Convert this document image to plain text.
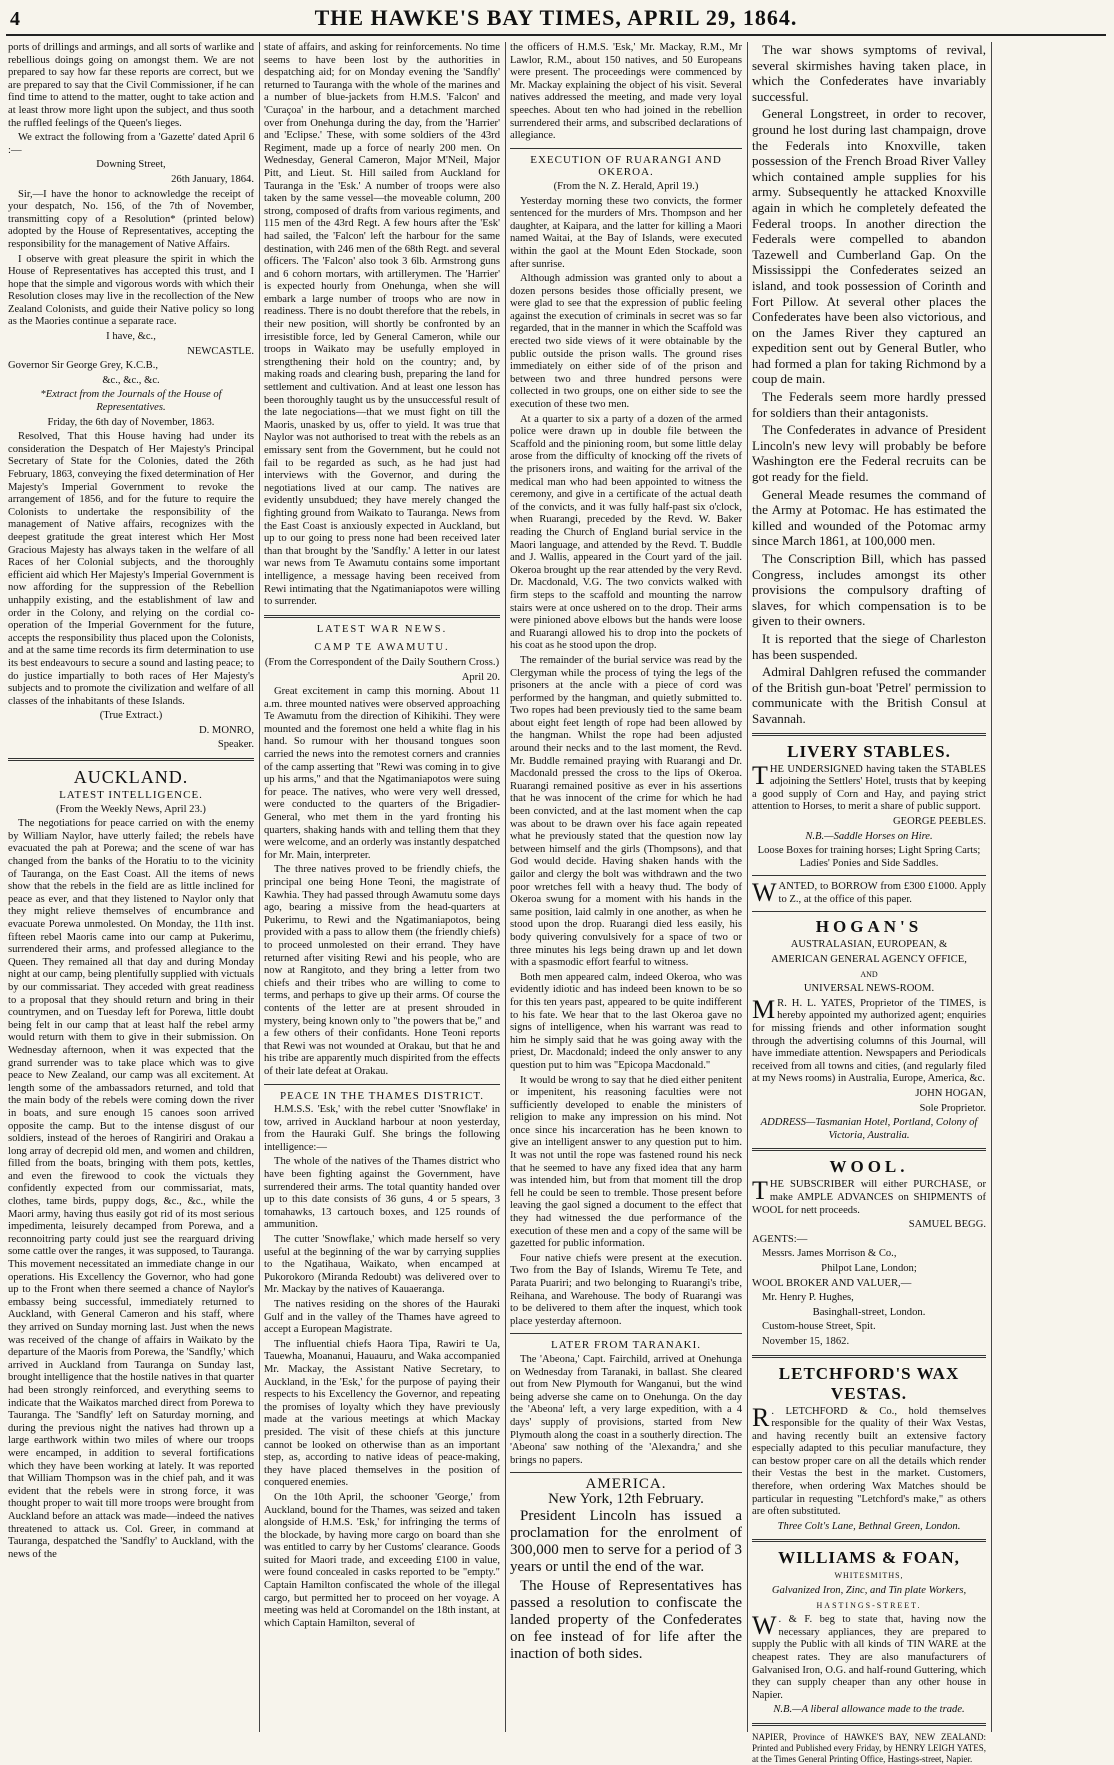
4	THE HAWKE'S BAY TIMES, APRIL 29, 1864.

ports of drillings and armings, and all sorts of warlike and rebellious doings going on amongst them. We are not prepared to say how far these reports are correct, but we are prepared to say that the Civil Commissioner, if he can find time to attend to the matter, ought to take action and at least throw more light upon the subject, and thus sooth the ruffled feelings of the Queen's lieges.

We extract the following from a 'Gazette' dated April 6 :—

Downing Street,

26th January, 1864.

Sir,—I have the honor to acknowledge the receipt of your despatch, No. 156, of the 7th of November, transmitting copy of a Resolution* (printed below) adopted by the House of Representatives, accepting the responsibility for the management of Native Affairs.

I observe with great pleasure the spirit in which the House of Representatives has accepted this trust, and I hope that the simple and vigorous words with which their Resolution closes may live in the recollection of the New Zealand Colonists, and guide their Native policy so long as the Maories continue a separate race.

I have, &c.,

NEWCASTLE.

Governor Sir George Grey, K.C.B.,

&c., &c., &c.

*Extract from the Journals of the House of Representatives.

Friday, the 6th day of November, 1863.

Resolved, That this House having had under its consideration the Despatch of Her Majesty's Principal Secretary of State for the Colonies, dated the 26th February, 1863, conveying the fixed determination of Her Majesty's Imperial Government to revoke the arrangement of 1856, and for the future to require the Colonists to undertake the responsibility of the management of Native affairs, recognizes with the deepest gratitude the great interest which Her Most Gracious Majesty has always taken in the welfare of all Races of her Colonial subjects, and the thoroughly efficient aid which Her Majesty's Imperial Government is now affording for the suppression of the Rebellion unhappily existing, and the establishment of law and order in the Colony, and relying on the cordial co-operation of the Imperial Government for the future, accepts the responsibility thus placed upon the Colonists, and at the same time records its firm determination to use its best endeavours to secure a sound and lasting peace; to do justice impartially to both races of Her Majesty's subjects and to promote the civilization and welfare of all classes of the inhabitants of these Islands.

(True Extract.)

D. MONRO,

Speaker.

AUCKLAND.
LATEST INTELLIGENCE.

(From the Weekly News, April 23.)

The negotiations for peace carried on with the enemy by William Naylor, have utterly failed; the rebels have evacuated the pah at Porewa; and the scene of war has changed from the banks of the Horatiu to to the vicinity of Tauranga, on the East Coast. All the items of news show that the rebels in the field are as little inclined for peace as ever, and that they listened to Naylor only that they might relieve themselves of encumbrance and evacuate Porewa unmolested. On Monday, the 11th inst. fifteen rebel Maoris came into our camp at Pukerimu, surrendered their arms, and professed allegiance to the Queen. They remained all that day and during Monday night at our camp, being plentifully supplied with victuals by our commissariat. They acceded with great readiness to a proposal that they should return and bring in their countrymen, and on Tuesday left for Porewa, little doubt being felt in our camp that at least half the rebel army would return with them to give in their submission. On Wednesday afternoon, when it was expected that the grand surrender was to take place which was to give peace to New Zealand, our camp was all excitement. At length some of the ambassadors returned, and told that the main body of the rebels were coming down the river in boats, and sure enough 15 canoes soon arrived opposite the camp. But to the intense disgust of our soldiers, instead of the heroes of Rangiriri and Orakau a long array of decrepid old men, and women and children, filled from the boats, bringing with them pots, kettles, and even the firewood to cook the victuals they confidently expected from our commissariat, mats, clothes, tame birds, puppy dogs, &c., &c., while the Maori army, having thus easily got rid of its most serious impedimenta, leisurely decamped from Porewa, and a reconnoitring party could just see the rearguard driving some cattle over the ranges, it was supposed, to Tauranga. This movement necessitated an immediate change in our operations. His Excellency the Governor, who had gone up to the Front when there seemed a chance of Naylor's embassy being successful, immediately returned to Auckland, with General Cameron and his staff, where they arrived on Sunday morning last. Just when the news was received of the change of affairs in Waikato by the departure of the Maoris from Porewa, the 'Sandfly,' which arrived in Auckland from Tauranga on Sunday last, brought intelligence that the hostile natives in that quarter had been strongly reinforced, and everything seems to indicate that the Waikatos marched direct from Porewa to Tauranga. The 'Sandfly' left on Saturday morning, and during the previous night the natives had thrown up a large earthwork within two miles of where our troops were encamped, in addition to several fortifications which they have been working at lately. It was reported that William Thompson was in the chief pah, and it was evident that the rebels were in strong force, it was thought proper to wait till more troops were brought from Auckland before an attack was made—indeed the natives threatened to attack us. Col. Greer, in command at Tauranga, despatched the 'Sandfly' to Auckland, with the news of the

state of affairs, and asking for reinforcements. No time seems to have been lost by the authorities in despatching aid; for on Monday evening the 'Sandfly' returned to Tauranga with the whole of the marines and a number of blue-jackets from H.M.S. 'Falcon' and 'Curaçoa' in the harbour, and a detachment marched over from Onehunga during the day, from the 'Harrier' and 'Eclipse.' These, with some soldiers of the 43rd Regiment, made up a force of nearly 200 men. On Wednesday, General Cameron, Major M'Neil, Major Pitt, and Lieut. St. Hill sailed from Auckland for Tauranga in the 'Esk.' A number of troops were also taken by the same vessel—the moveable column, 200 strong, composed of drafts from various regiments, and 115 men of the 43rd Regt. A few hours after the 'Esk' had sailed, the 'Falcon' left the harbour for the same destination, with 246 men of the 68th Regt. and several officers. The 'Falcon' also took 3 6lb. Armstrong guns and 6 cohorn mortars, with artillerymen. The 'Harrier' is expected hourly from Onehunga, when she will embark a large number of troops who are now in readiness. There is no doubt therefore that the rebels, in their new position, will shortly be confronted by an irresistible force, led by General Cameron, while our troops in Waikato may be usefully employed in strengthening their hold on the country; and, by making roads and clearing bush, preparing the land for settlement and cultivation. And at least one lesson has been thoroughly taught us by the unsuccessful result of the late negociations—that we must fight on till the Maoris, unasked by us, offer to yield. It was true that Naylor was not authorised to treat with the rebels as an emissary sent from the Government, but he could not fail to be regarded as such, as he had just had interviews with the Governor, and during the negotiations lived at our camp. The natives are evidently unsubdued; they have merely changed the fighting ground from Waikato to Tauranga. News from the East Coast is anxiously expected in Auckland, but up to our going to press none had been received later than that brought by the 'Sandfly.' A letter in our latest war news from Te Awamutu contains some important intelligence, a message having been received from Rewi intimating that the Ngatimaniapotos were willing to surrender.

LATEST WAR NEWS.
CAMP TE AWAMUTU.

(From the Correspondent of the Daily Southern Cross.)

April 20.

Great excitement in camp this morning. About 11 a.m. three mounted natives were observed approaching Te Awamutu from the direction of Kihikihi. They were mounted and the foremost one held a white flag in his hand. So rumour with her thousand tongues soon carried the news into the remotest corners and crannies of the camp asserting that "Rewi was coming in to give up his arms," and that the Ngatimaniapotos were suing for peace. The natives, who were very well dressed, were conducted to the quarters of the Brigadier-General, who met them in the yard fronting his quarters, shaking hands with and telling them that they were welcome, and an orderly was instantly despatched for Mr. Main, interpreter.

The three natives proved to be friendly chiefs, the principal one being Hone Teoni, the magistrate of Kawhia. They had passed through Awamutu some days ago, bearing a missive from the head-quarters at Pukerimu, to Rewi and the Ngatimaniapotos, being provided with a pass to allow them (the friendly chiefs) to proceed unmolested on their errand. They have returned after visiting Rewi and his people, who are now at Rangitoto, and they bring a letter from two chiefs and their tribes who are willing to come to terms, and perhaps to give up their arms. Of course the contents of the letter are at present shrouded in mystery, being known only to "the powers that be," and a few others of their confidants. Hone Teoni reports that Rewi was not wounded at Orakau, but that he and his tribe are apparently much dispirited from the effects of their late defeat at Orakau.

PEACE IN THE THAMES DISTRICT.

H.M.S.S. 'Esk,' with the rebel cutter 'Snowflake' in tow, arrived in Auckland harbour at noon yesterday, from the Hauraki Gulf. She brings the following intelligence:—

The whole of the natives of the Thames district who have been fighting against the Government, have surrendered their arms. The total quantity handed over up to this date consists of 36 guns, 4 or 5 spears, 3 tomahawks, 13 cartouch boxes, and 125 rounds of ammunition.

The cutter 'Snowflake,' which made herself so very useful at the beginning of the war by carrying supplies to the Ngatihaua, Waikato, when encamped at Pukorokoro (Miranda Redoubt) was delivered over to Mr. Mackay by the natives of Kauaeranga.

The natives residing on the shores of the Hauraki Gulf and in the valley of the Thames have agreed to accept a European Magistrate.

The influential chiefs Haora Tipa, Rawiri te Ua, Tauewha, Moananui, Hauauru, and Waka accompanied Mr. Mackay, the Assistant Native Secretary, to Auckland, in the 'Esk,' for the purpose of paying their respects to his Excellency the Governor, and repeating the promises of loyalty which they have previously made at the various meetings at which Mackay presided. The visit of these chiefs at this juncture cannot be looked on otherwise than as an important step, as, according to native ideas of peace-making, they have placed themselves in the position of conquered enemies.

On the 10th April, the schooner 'George,' from Auckland, bound for the Thames, was seized and taken alongside of H.M.S. 'Esk,' for infringing the terms of the blockade, by having more cargo on board than she was entitled to carry by her Customs' clearance. Goods suited for Maori trade, and exceeding £100 in value, were found concealed in casks reported to be "empty." Captain Hamilton confiscated the whole of the illegal cargo, but permitted her to proceed on her voyage. A meeting was held at Coromandel on the 18th instant, at which Captain Hamilton, several of

the officers of H.M.S. 'Esk,' Mr. Mackay, R.M., Mr Lawlor, R.M., about 150 natives, and 50 Europeans were present. The proceedings were commenced by Mr. Mackay explaining the object of his visit. Several natives addressed the meeting, and made very loyal speeches. About ten who had joined in the rebellion surrendered their arms, and subscribed declarations of allegiance.

EXECUTION OF RUARANGI AND OKEROA.

(From the N. Z. Herald, April 19.)

Yesterday morning these two convicts, the former sentenced for the murders of Mrs. Thompson and her daughter, at Kaipara, and the latter for killing a Maori named Waitai, at the Bay of Islands, were executed within the gaol at the Mount Eden Stockade, soon after sunrise.

Although admission was granted only to about a dozen persons besides those officially present, we were glad to see that the expression of public feeling against the execution of criminals in secret was so far regarded, that in the manner in which the Scaffold was erected two side views of it were obtainable by the public outside the prison walls. The ground rises immediately on either side of of the prison and between two and three hundred persons were collected in two groups, one on either side to see the execution of these two men.

At a quarter to six a party of a dozen of the armed police were drawn up in double file between the Scaffold and the pinioning room, but some little delay arose from the difficulty of knocking off the rivets of the prisoners irons, and waiting for the arrival of the medical man who had been appointed to witness the ceremony, and give in a certificate of the actual death of the convicts, and it was fully half-past six o'clock, when Ruarangi, preceded by the Revd. W. Baker reading the Church of England burial service in the Maori language, and attended by the Revd. T. Buddle and J. Wallis, appeared in the Court yard of the jail. Okeroa brought up the rear attended by the very Revd. Dr. Macdonald, V.G. The two convicts walked with firm steps to the scaffold and mounting the narrow stairs were at once ushered on to the drop. Their arms were pinioned above elbows but the hands were loose and Ruarangi allowed his to drop into the pockets of his coat as he stood upon the drop.

The remainder of the burial service was read by the Clergyman while the process of tying the legs of the prisoners at the ancle with a piece of cord was performed by the hangman, and quietly submitted to. Two ropes had been previously tied to the same beam about eight feet length of rope had been allowed by the hangman. Whilst the rope had been adjusted around their necks and to the last moment, the Revd. Mr. Buddle remained praying with Ruarangi and Dr. Macdonald pressed the cross to the lips of Okeroa. Ruarangi remained positive as ever in his assertions that he was innocent of the crime for which he had been convicted, and at the last moment when the cap was about to be drawn over his face again repeated what he previously stated that the question now lay between himself and the girls (Thompsons), and that God would decide. Having shaken hands with the gailor and clergy the bolt was withdrawn and the two poor wretches fell with a heavy thud. The body of Okeroa swung for a moment with his hands in the same position, laid calmly in one another, as when he stood upon the drop. Ruarangi died less easily, his body quivering convulsively for a space of two or three minutes his legs being drawn up and let down with a spasmodic effort fearful to witness.

Both men appeared calm, indeed Okeroa, who was evidently idiotic and has indeed been known to be so for this ten years past, appeared to be quite indifferent to his fate. We hear that to the last Okeroa gave no signs of intelligence, when his warrant was read to him he simply said that he was going away with the priest, Dr. Macdonald; indeed the only answer to any question put to him was "Epicopa Macdonald."

It would be wrong to say that he died either penitent or impenitent, his reasoning faculties were not sufficiently developed to enable the ministers of religion to make any impression on his mind. Not once since his incarceration has he been known to give an intelligent answer to any question put to him. It was not until the rope was fastened round his neck that he seemed to have any fixed idea that any harm was intended him, but from that moment till the drop fell he could be seen to tremble. Those present before leaving the gaol signed a document to the effect that they had witnessed the due performance of the execution of these men and a copy of the same will be gazetted for public information.

Four native chiefs were present at the execution. Two from the Bay of Islands, Wiremu Te Tete, and Parata Puariri; and two belonging to Ruarangi's tribe, Reihana, and Warehouse. The body of Ruarangi was to be delivered to them after the inquest, which took place yesterday afternoon.

LATER FROM TARANAKI.

The 'Abeona,' Capt. Fairchild, arrived at Onehunga on Wednesday from Taranaki, in ballast. She cleared out from New Plymouth for Wanganui, but the wind being adverse she came on to Onehunga. On the day the 'Abeona' left, a very large expedition, with a 4 days' supply of provisions, started from New Plymouth along the coast in a southerly direction. The 'Abeona' saw nothing of the 'Alexandra,' and she brings no papers.

AMERICA.

New York, 12th February.

President Lincoln has issued a proclamation for the enrolment of 300,000 men to serve for a period of 3 years or until the end of the war.

The House of Representatives has passed a resolution to confiscate the landed property of the Confederates on fee instead of for life after the inaction of both sides.

The war shows symptoms of revival, several skirmishes having taken place, in which the Confederates have invariably successful.

General Longstreet, in order to recover, ground he lost during last champaign, drove the Federals into Knoxville, taken possession of the French Broad River Valley which contained ample supplies for his army. Subsequently he attacked Knoxville again in which he completely defeated the Federal troops. In another direction the Federals were compelled to abandon Tazewell and Cumberland Gap. On the Mississippi the Confederates seized an island, and took possession of Corinth and Fort Pillow. At several other places the Confederates have been also victorious, and on the James River they captured an expedition sent out by General Butler, who had formed a plan for taking Richmond by a coup de main.

The Federals seem more hardly pressed for soldiers than their antagonists.

The Confederates in advance of President Lincoln's new levy will probably be before Washington ere the Federal recruits can be got ready for the field.

General Meade resumes the command of the Army at Potomac. He has estimated the killed and wounded of the Potomac army since March 1861, at 100,000 men.

The Conscription Bill, which has passed Congress, includes amongst its other provisions the compulsory drafting of slaves, for which compensation is to be given to their owners.

It is reported that the siege of Charleston has been suspended.

Admiral Dahlgren refused the commander of the British gun-boat 'Petrel' permission to communicate with the British Consul at Savannah.

LIVERY STABLES.

THE UNDERSIGNED having taken the STABLES adjoining the Settlers' Hotel, trusts that by keeping a good supply of Corn and Hay, and paying strict attention to Horses, to merit a share of public support.

GEORGE PEEBLES.

N.B.—Saddle Horses on Hire.

Loose Boxes for training horses; Light Spring Carts; Ladies' Ponies and Side Saddles.

WANTED, to BORROW from £300 £1000. Apply to Z., at the office of this paper.

HOGAN'S

AUSTRALASIAN, EUROPEAN, &

AMERICAN GENERAL AGENCY OFFICE,

AND

UNIVERSAL NEWS-ROOM.

M R. H. L. YATES, Proprietor of the TIMES, is hereby appointed my authorized agent; enquiries for missing friends and other information sought through the advertising columns of this Journal, will have immediate attention. Newspapers and Periodicals received from all towns and cities, (and regularly filed at my News rooms) in Australia, Europe, America, &c.

JOHN HOGAN,

Sole Proprietor.

ADDRESS—Tasmanian Hotel, Portland, Colony of Victoria, Australia.

WOOL.

THE SUBSCRIBER will either PURCHASE, or make AMPLE ADVANCES on SHIPMENTS of WOOL for nett proceeds.

SAMUEL BEGG.

AGENTS:—

Messrs. James Morrison & Co.,

Philpot Lane, London;

WOOL BROKER AND VALUER,—

Mr. Henry P. Hughes,

Basinghall-street, London.

Custom-house Street, Spit.

November 15, 1862.

LETCHFORD'S WAX VESTAS.

R . LETCHFORD & Co., hold themselves responsible for the quality of their Wax Vestas, and having recently built an extensive factory especially adapted to this peculiar manufacture, they can bestow proper care on all the details which render their Vestas the best in the market. Customers, therefore, when ordering Wax Matches should be particular in requesting "Letchford's make," as others are often substituted.

Three Colt's Lane, Bethnal Green, London.

WILLIAMS & FOAN,

WHITESMITHS,

Galvanized Iron, Zinc, and Tin plate Workers,

HASTINGS-STREET.

W . & F. beg to state that, having now the necessary appliances, they are prepared to supply the Public with all kinds of TIN WARE at the cheapest rates. They are also manufacturers of Galvanised Iron, O.G. and half-round Guttering, which they can supply cheaper than any other house in Napier.

N.B.—A liberal allowance made to the trade.

NAPIER, Province of HAWKE'S BAY, NEW ZEALAND: Printed and Published every Friday, by HENRY LEIGH YATES, at the Times General Printing Office, Hastings-street, Napier.
